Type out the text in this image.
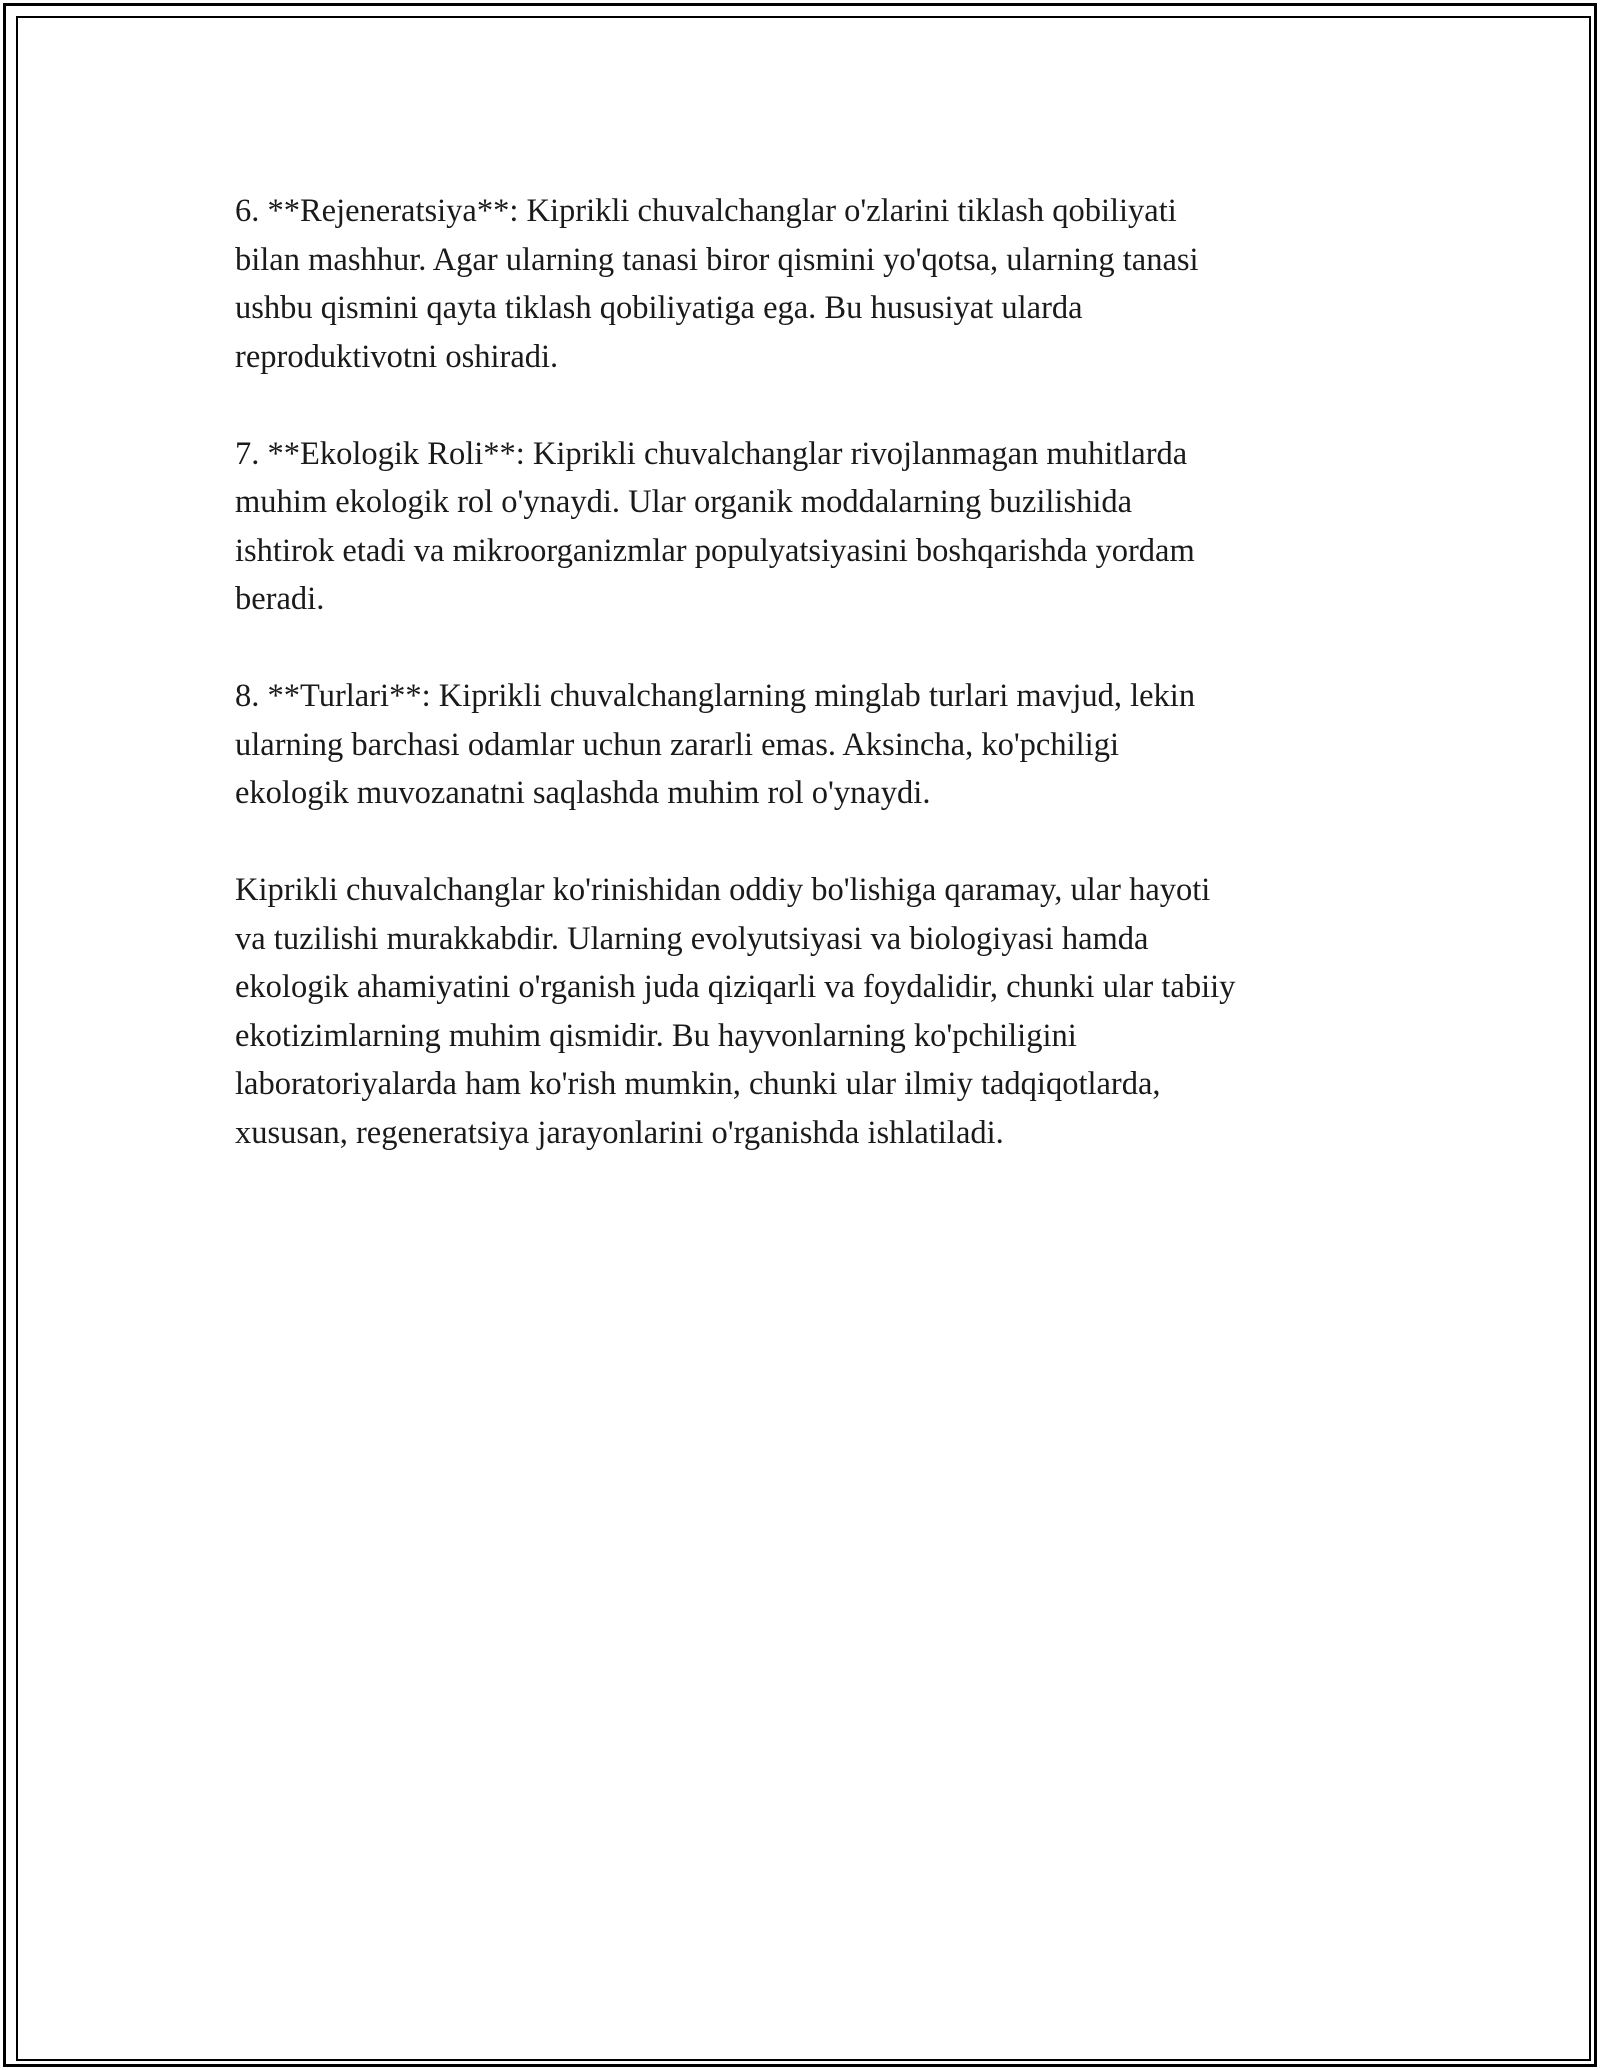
6. **Rejeneratsiya**: Kiprikli chuvalchanglar o'zlarini tiklash qobiliyati
bilan mashhur. Agar ularning tanasi biror qismini yo'qotsa, ularning tanasi
ushbu qismini qayta tiklash qobiliyatiga ega. Bu hususiyat ularda
reproduktivotni oshiradi.

7. **Ekologik Roli**: Kiprikli chuvalchanglar rivojlanmagan muhitlarda
muhim ekologik rol o'ynaydi. Ular organik moddalarning buzilishida
ishtirok etadi va mikroorganizmlar populyatsiyasini boshqarishda yordam
beradi.

8. **Turlari**: Kiprikli chuvalchanglarning minglab turlari mavjud, lekin
ularning barchasi odamlar uchun zararli emas. Aksincha, ko'pchiligi
ekologik muvozanatni saqlashda muhim rol o'ynaydi.

Kiprikli chuvalchanglar ko'rinishidan oddiy bo'lishiga qaramay, ular hayoti
va tuzilishi murakkabdir. Ularning evolyutsiyasi va biologiyasi hamda
ekologik ahamiyatini o'rganish juda qiziqarli va foydalidir, chunki ular tabiiy
ekotizimlarning muhim qismidir. Bu hayvonlarning ko'pchiligini
laboratoriyalarda ham ko'rish mumkin, chunki ular ilmiy tadqiqotlarda,
xususan, regeneratsiya jarayonlarini o'rganishda ishlatiladi.
